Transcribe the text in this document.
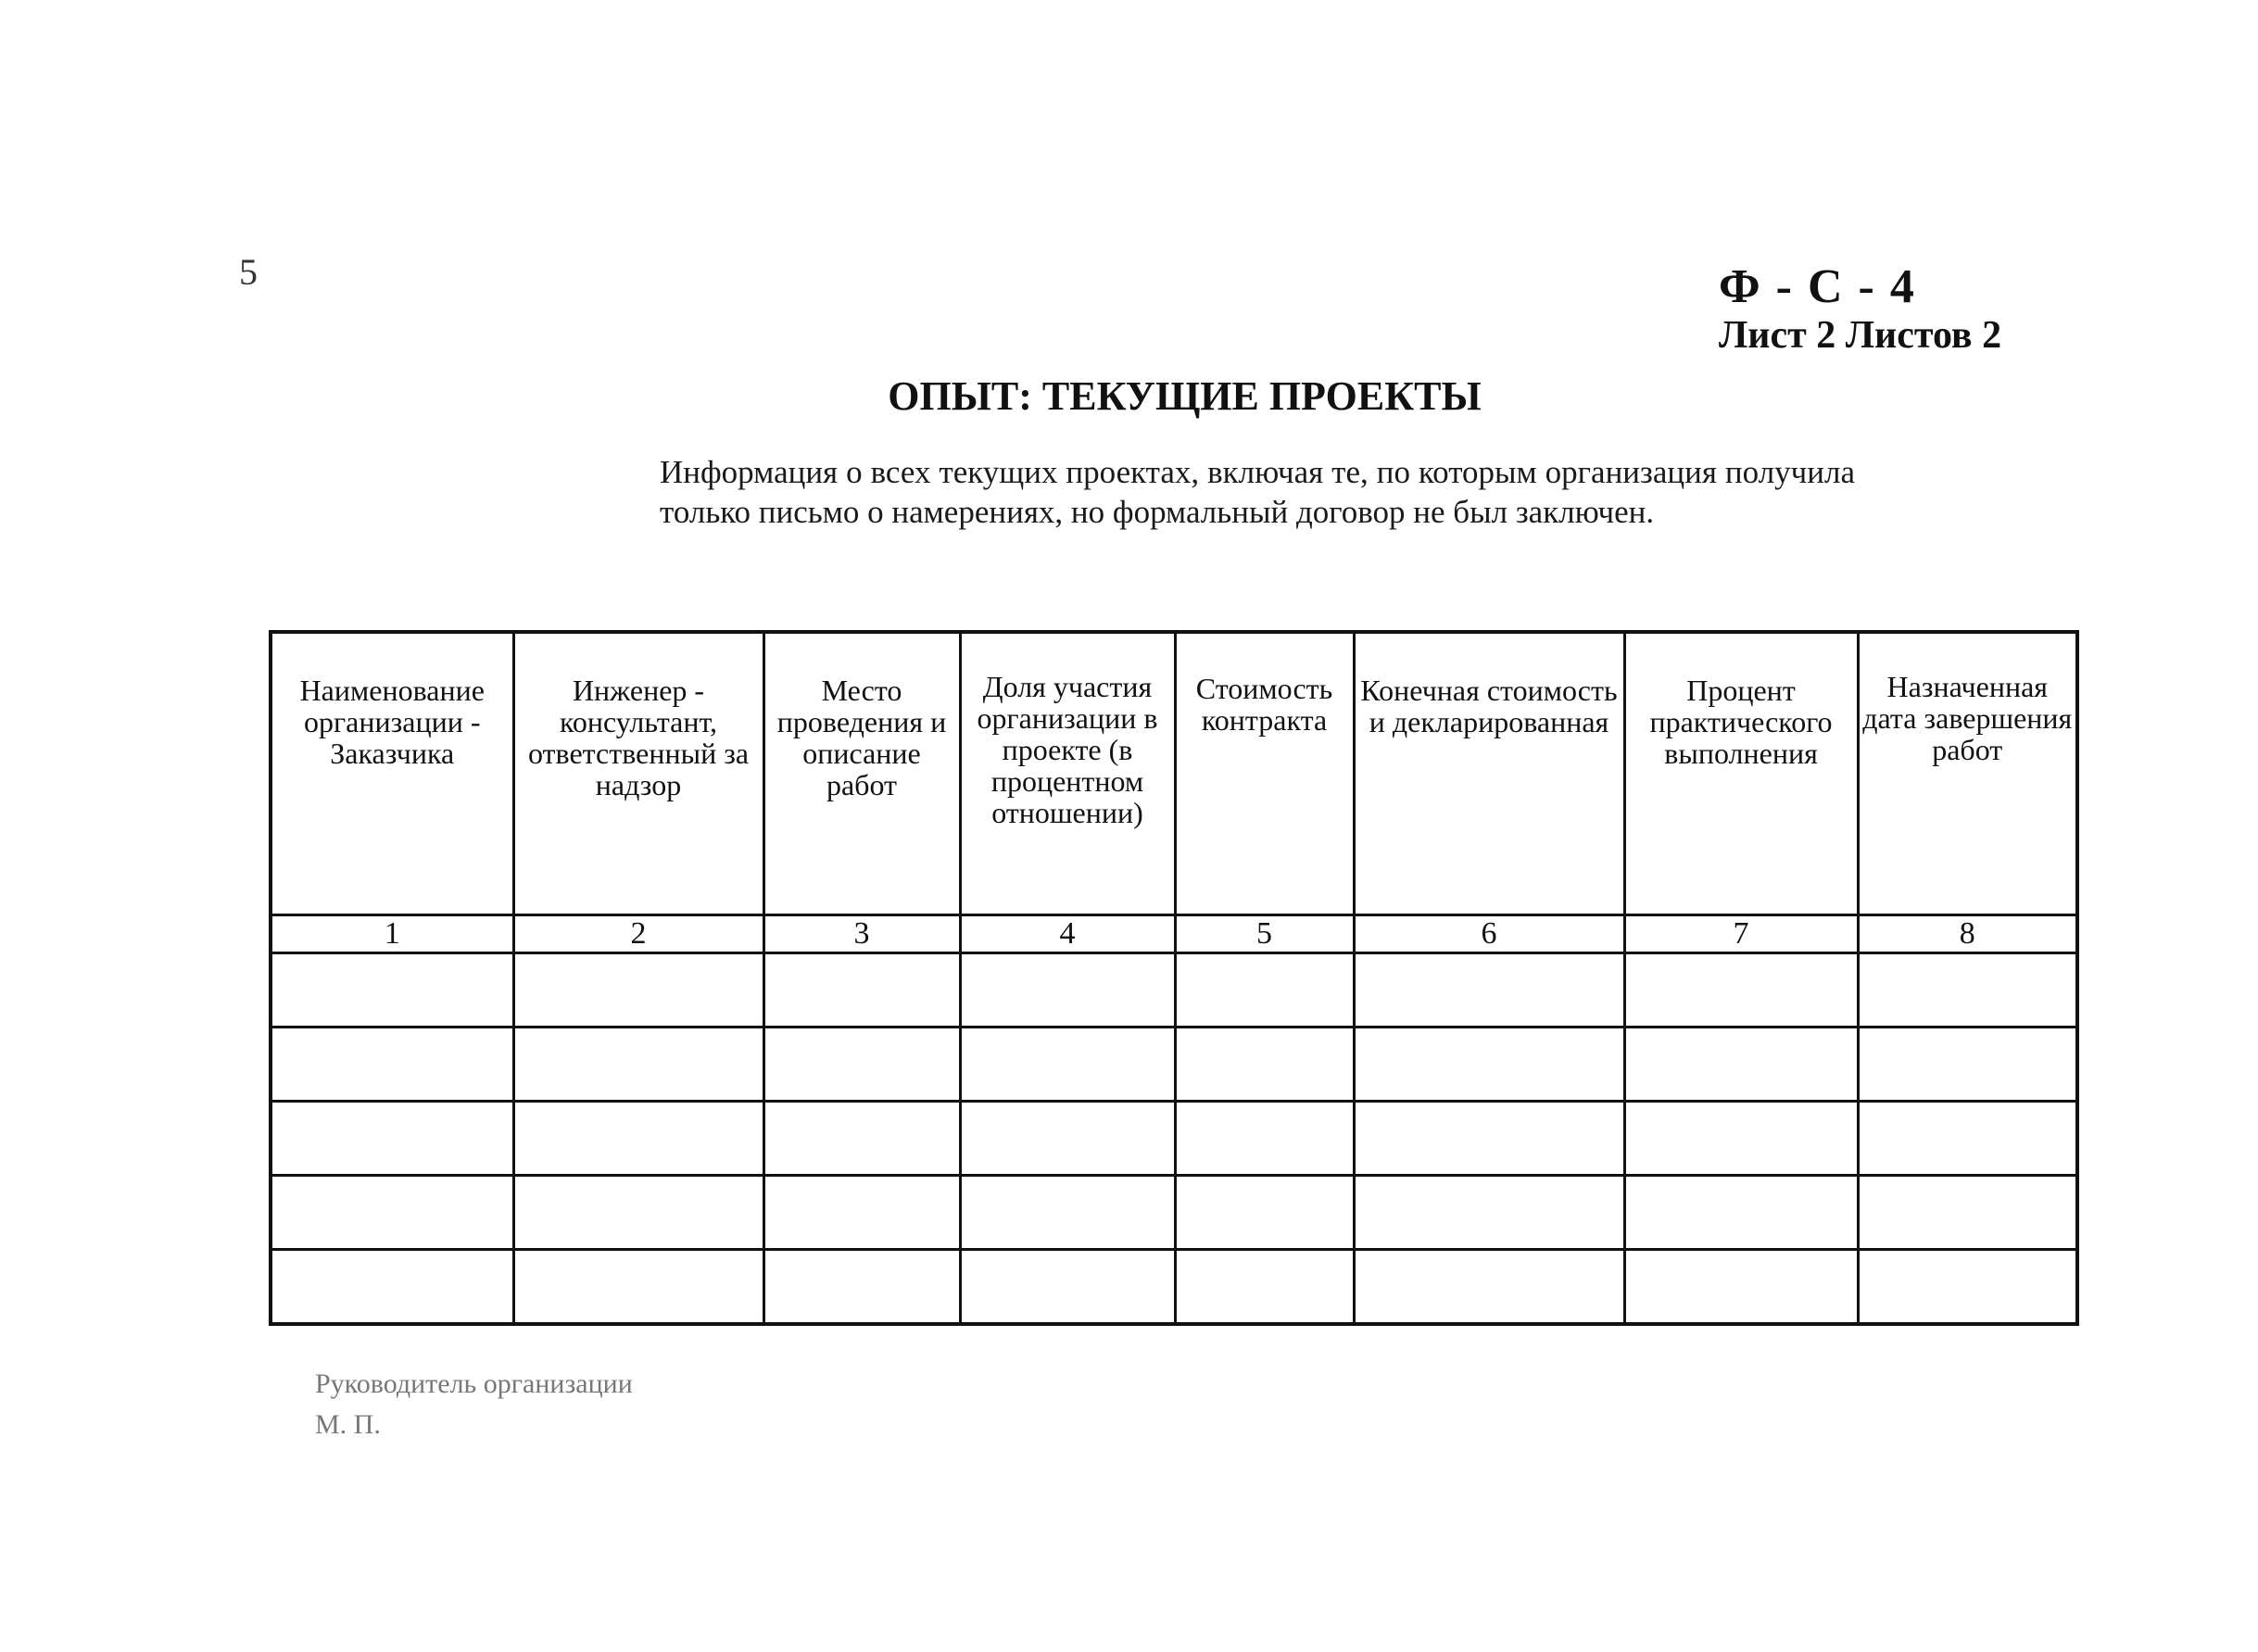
5	Ф - С - 4
Лист 2 Листов 2
ОПЫТ: ТЕКУЩИЕ ПРОЕКТЫ
Информация о всех текущих проектах, включая те, по которым организация получила только письмо о намерениях, но формальный договор не был заключен.
Наименование организации - Заказчика	Инженер - консультант, ответственный за надзор	Место проведения и описание работ	Доля участия организации в проекте (в процентном отношении)	Стоимость контракта	Конечная стоимость и декларированная	Процент практического выполнения	Назначенная дата завершения работ
1	2	3	4	5	6	7	8

Руководитель организации
М. П.
